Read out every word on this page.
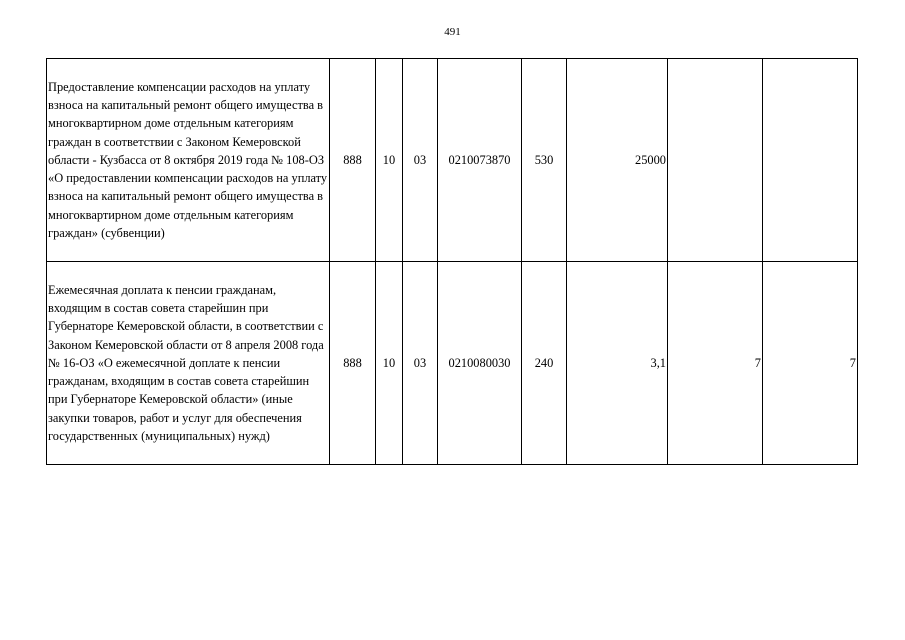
491
Предоставление компенсации расходов на уплату взноса на капитальный ремонт общего имущества в многоквартирном доме отдельным категориям граждан в соответствии с Законом Кемеровской области - Кузбасса от 8 октября 2019 года № 108-ОЗ «О предоставлении компенсации расходов на уплату взноса на капитальный ремонт общего имущества в многоквартирном доме отдельным категориям граждан» (субвенции)	888	10	03	0210073870	530	25000		
Ежемесячная доплата к пенсии гражданам, входящим в состав совета старейшин при Губернаторе Кемеровской области, в соответствии с Законом Кемеровской области от 8 апреля 2008 года № 16-ОЗ «О ежемесячной доплате к пенсии гражданам, входящим в состав совета старейшин при Губернаторе Кемеровской области» (иные закупки товаров, работ и услуг для обеспечения государственных (муниципальных) нужд)	888	10	03	0210080030	240	3,1	7	7
